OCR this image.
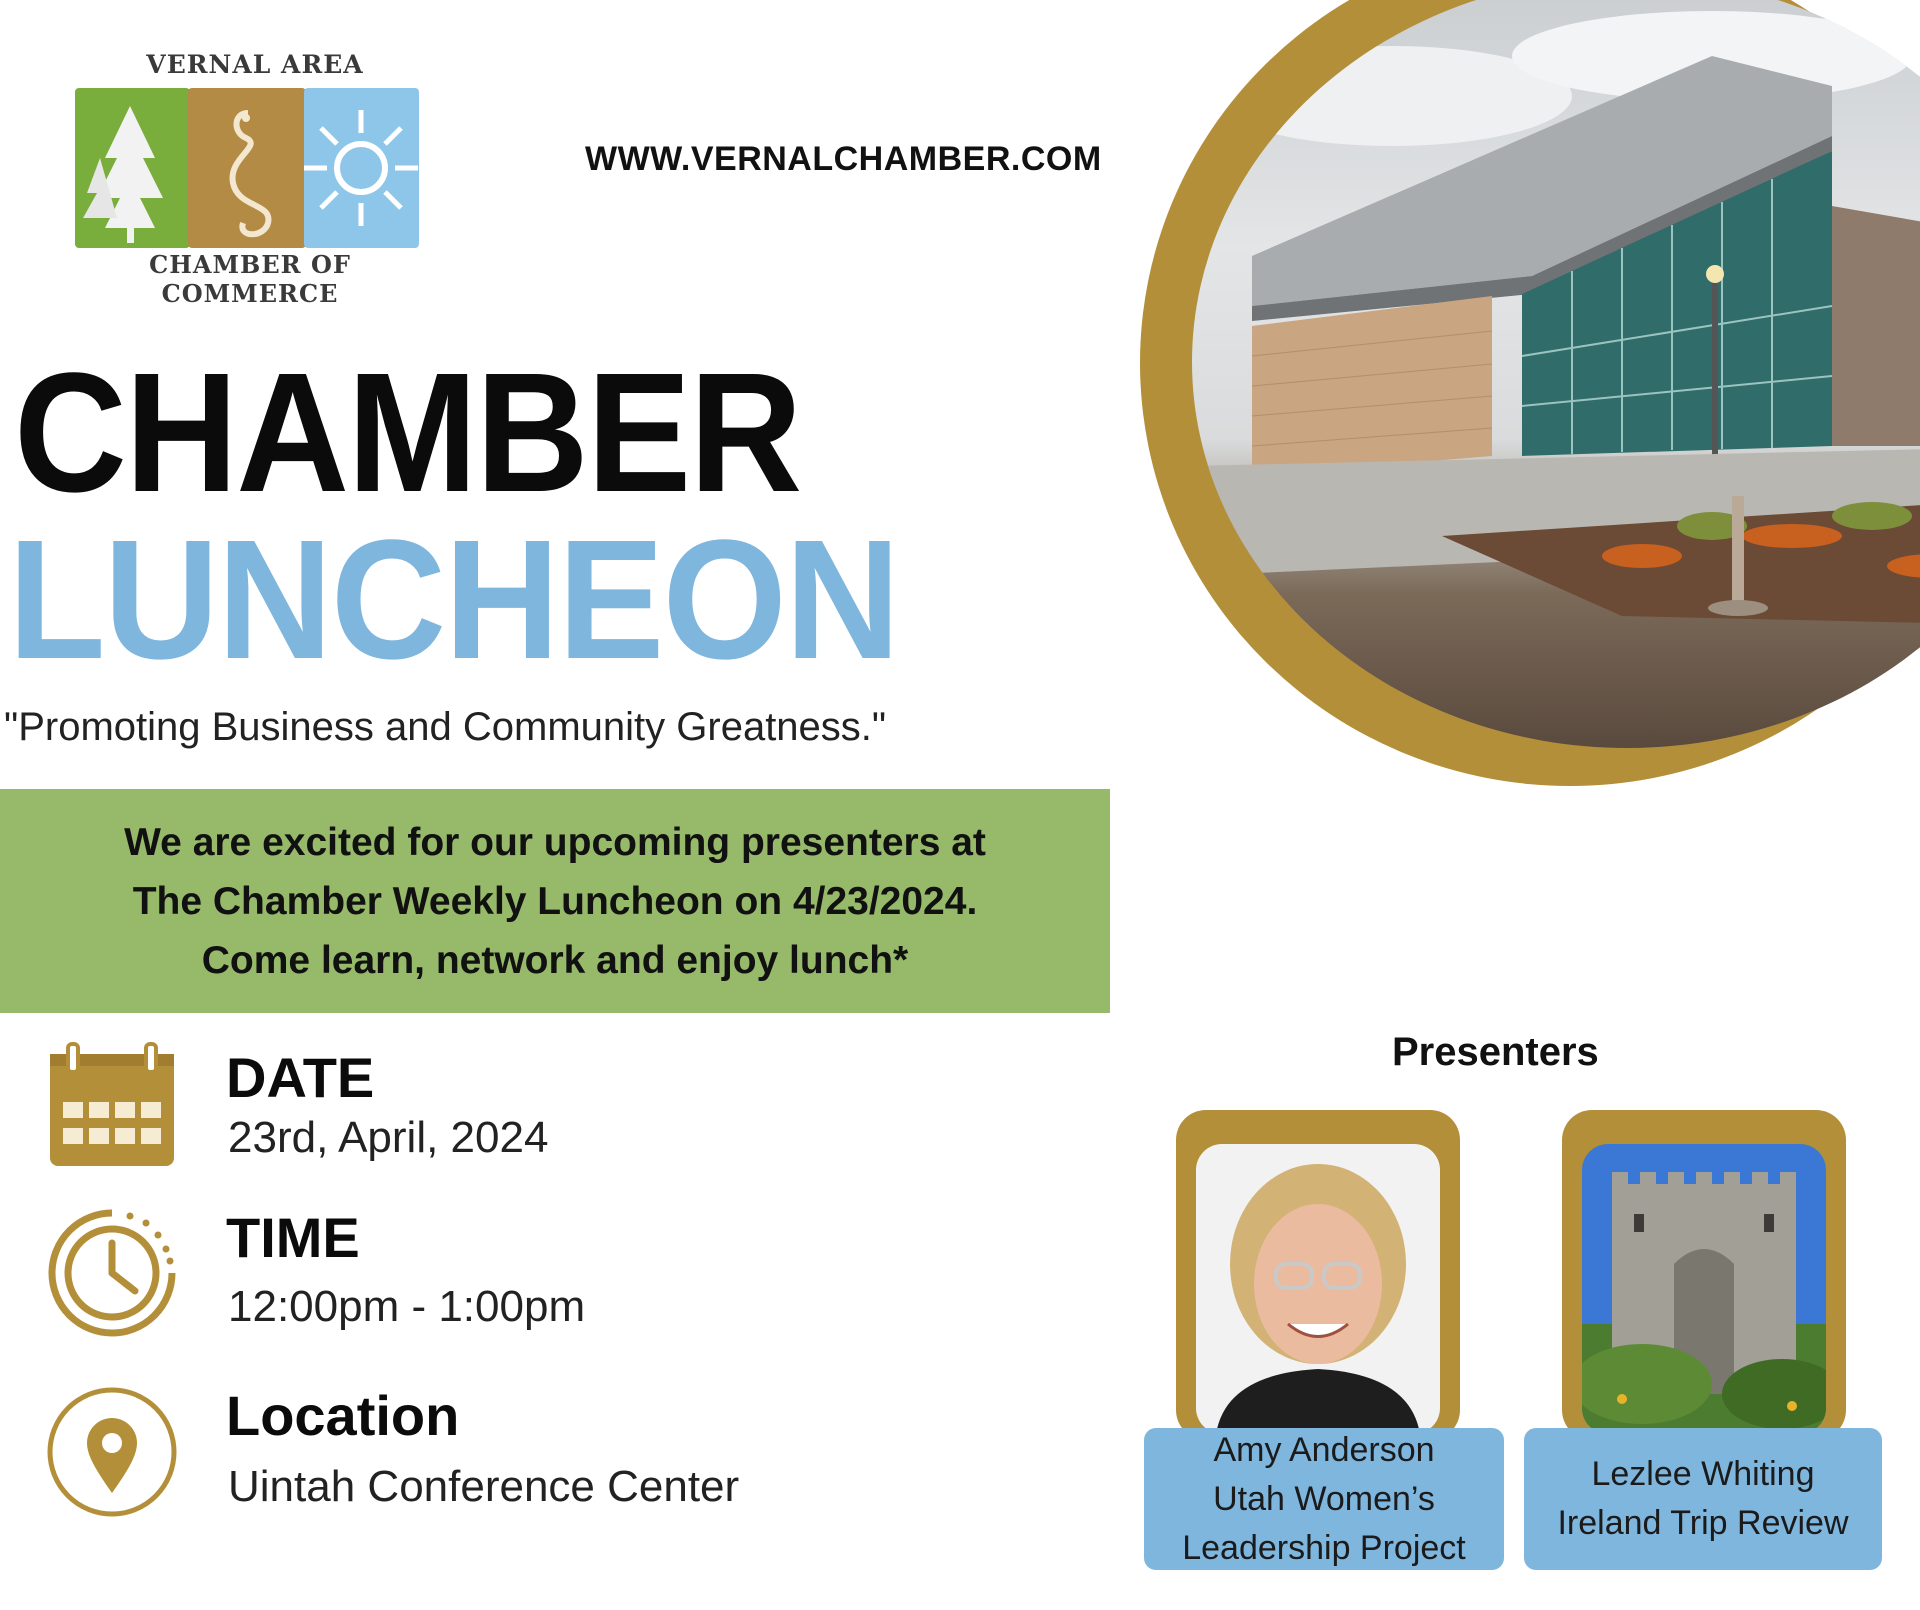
VERNAL AREA
CHAMBER OF COMMERCE
WWW.VERNALCHAMBER.COM
CHAMBER
LUNCHEON
"Promoting Business and Community Greatness."
We are excited for our upcoming presenters at
The Chamber Weekly Luncheon on 4/23/2024.
Come learn, network and enjoy lunch*
DATE
23rd, April, 2024
TIME
12:00pm - 1:00pm
Location
Uintah Conference Center
Presenters
Amy Anderson
Utah Women’s
Leadership Project
Lezlee Whiting
Ireland Trip Review
